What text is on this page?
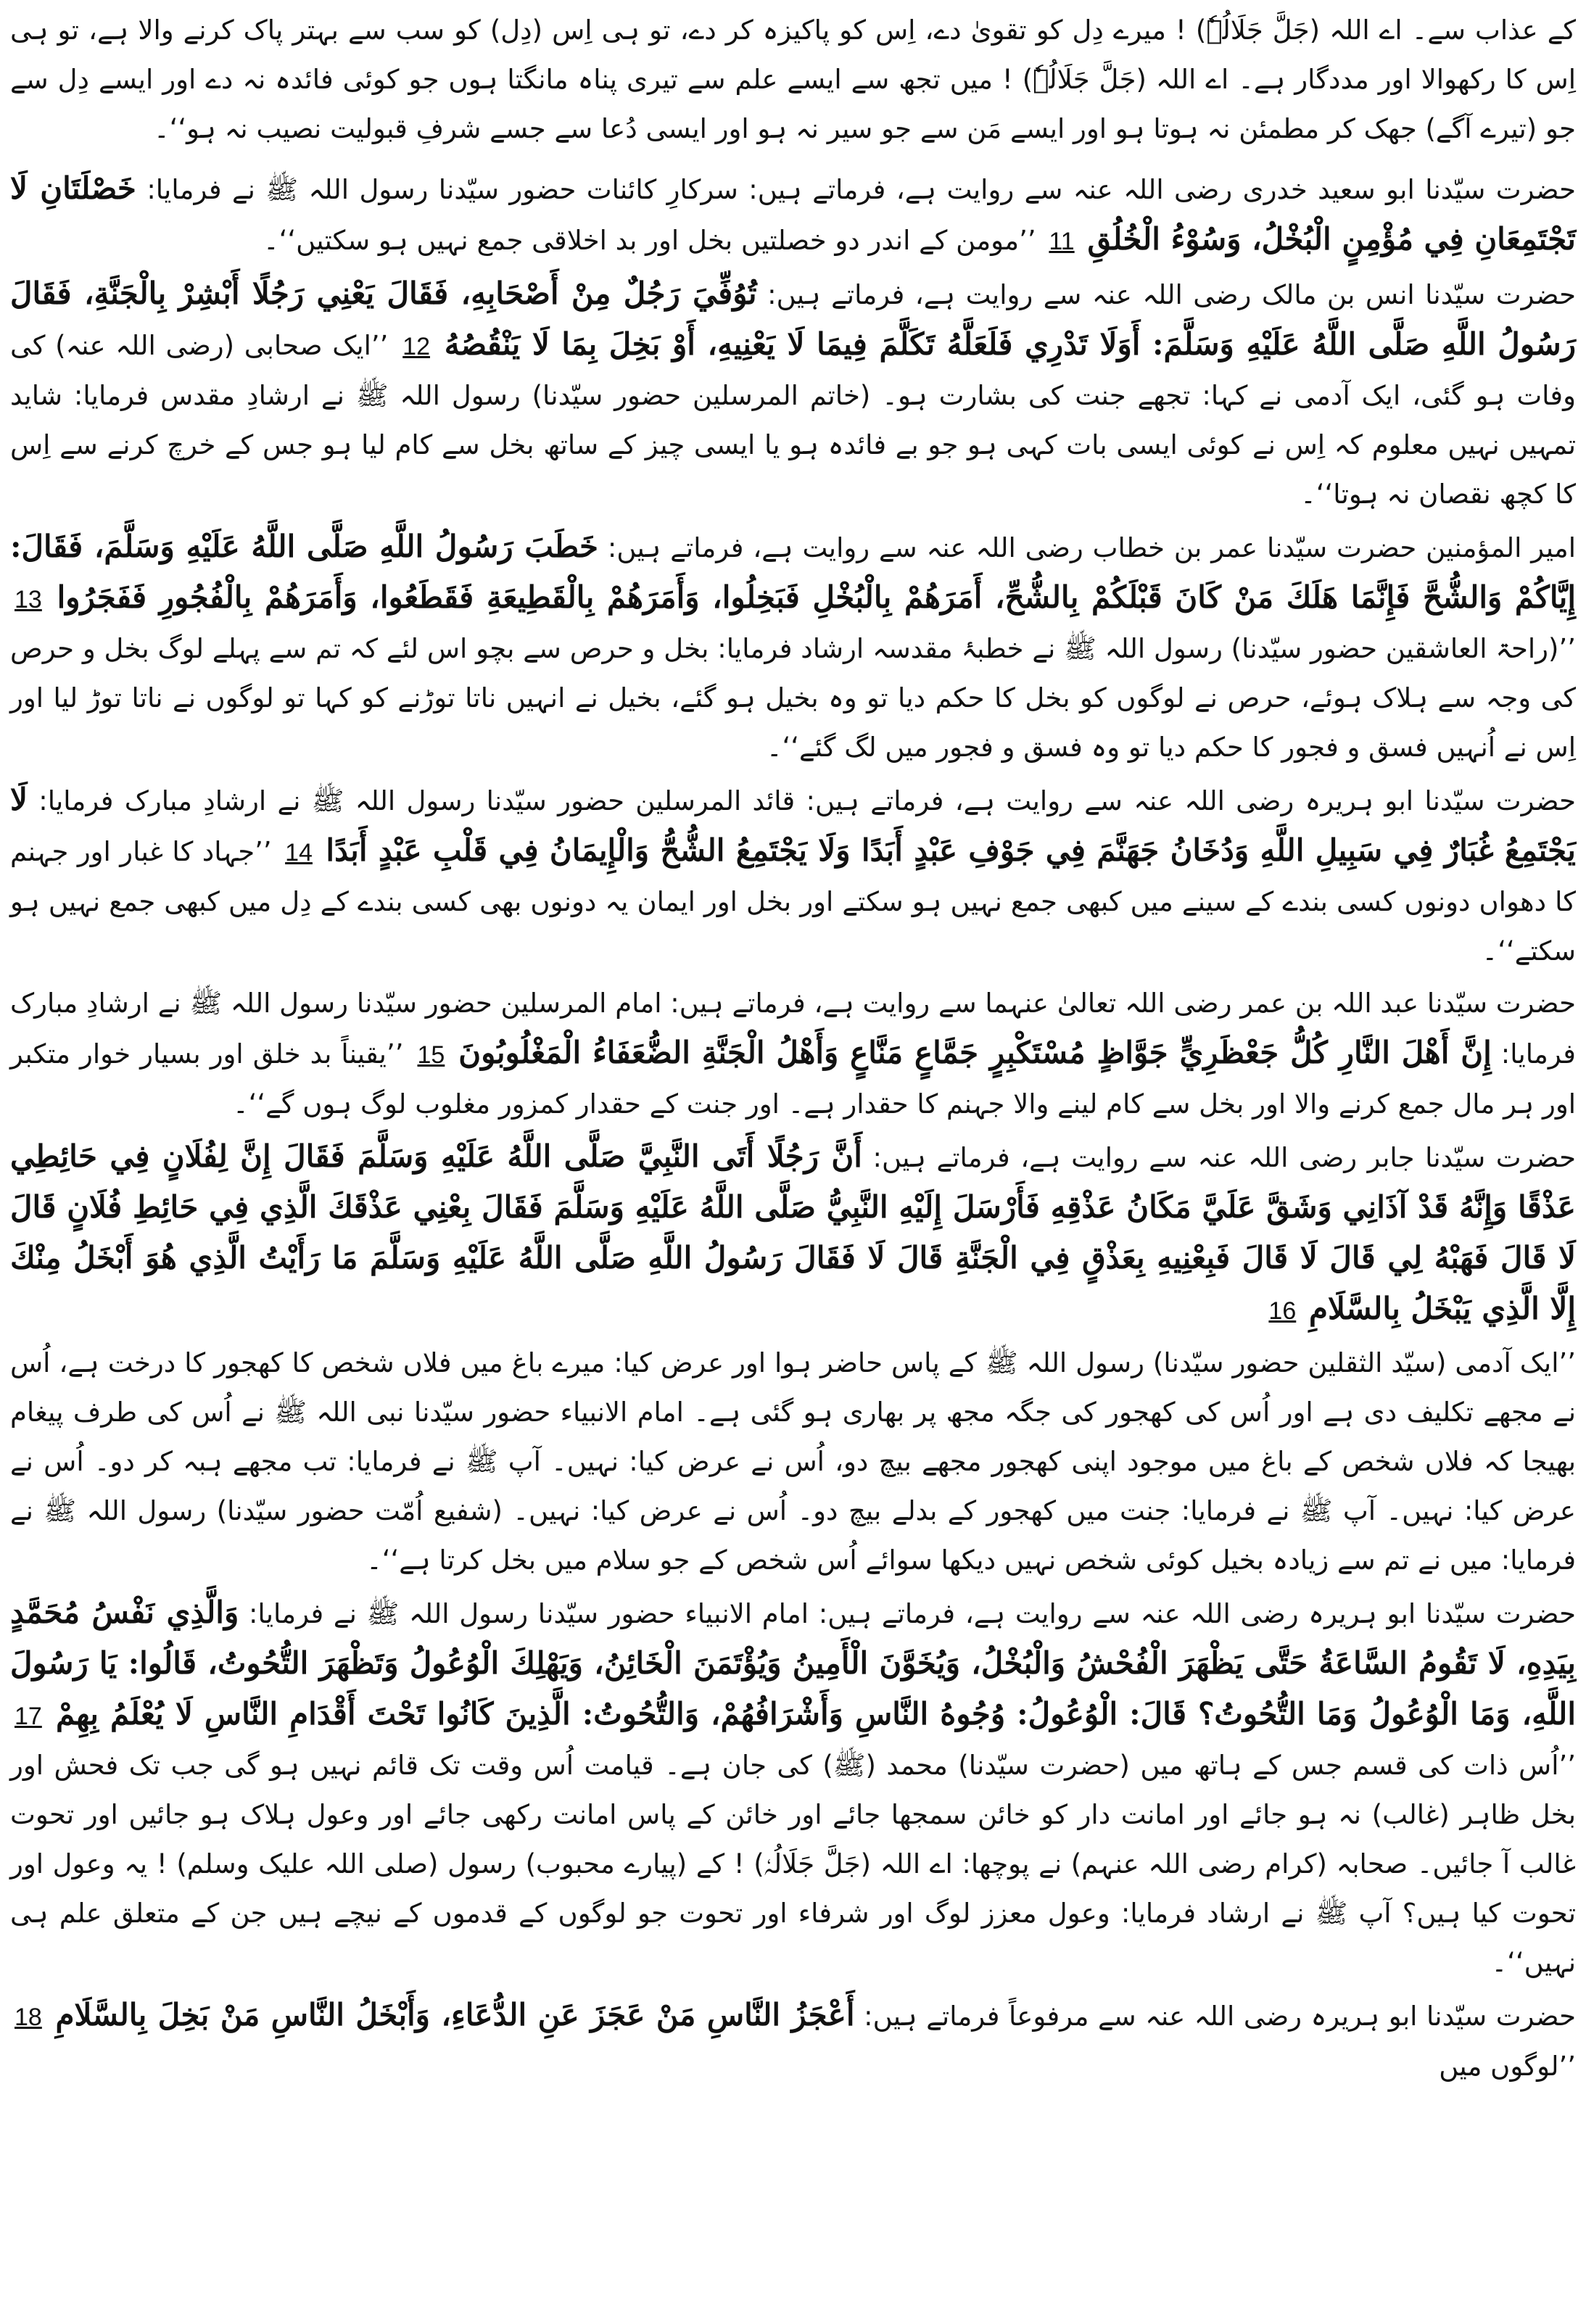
کے عذاب سے۔ اے اللہ (جَلَّ جَلَالُہٗ) ! میرے دِل کو تقویٰ دے، اِس کو پاکیزہ کر دے، تو ہی اِس (دِل) کو سب سے بہتر پاک کرنے والا ہے، تو ہی اِس کا رکھوالا اور مددگار ہے۔ اے اللہ (جَلَّ جَلَالُہٗ) ! میں تجھ سے ایسے علم سے تیری پناہ مانگتا ہوں جو کوئی فائدہ نہ دے اور ایسے دِل سے جو (تیرے آگے) جھک کر مطمئن نہ ہوتا ہو اور ایسے مَن سے جو سیر نہ ہو اور ایسی دُعا سے جسے شرفِ قبولیت نصیب نہ ہو‘‘۔

حضرت سیّدنا ابو سعید خدری رضی اللہ عنہ سے روایت ہے، فرماتے ہیں: سرکارِ کائنات حضور سیّدنا رسول اللہ ﷺ نے فرمایا: خَصْلَتَانِ لَا تَجْتَمِعَانِ فِي مُؤْمِنٍ الْبُخْلُ، وَسُوْءُ الْخُلُقِ 11 ’’مومن کے اندر دو خصلتیں بخل اور بد اخلاقی جمع نہیں ہو سکتیں‘‘۔

حضرت سیّدنا انس بن مالک رضی اللہ عنہ سے روایت ہے، فرماتے ہیں: تُوُفِّيَ رَجُلٌ مِنْ أَصْحَابِهِ، فَقَالَ يَعْنِي رَجُلًا أَبْشِرْ بِالْجَنَّةِ، فَقَالَ رَسُولُ اللَّهِ صَلَّى اللَّهُ عَلَيْهِ وَسَلَّمَ: أَوَلَا تَدْرِي فَلَعَلَّهُ تَكَلَّمَ فِيمَا لَا يَعْنِيهِ، أَوْ بَخِلَ بِمَا لَا يَنْقُصُهُ 12 ’’ایک صحابی (رضی اللہ عنہ) کی وفات ہو گئی، ایک آدمی نے کہا: تجھے جنت کی بشارت ہو۔ (خاتم المرسلین حضور سیّدنا) رسول اللہ ﷺ نے ارشادِ مقدس فرمایا: شاید تمہیں نہیں معلوم کہ اِس نے کوئی ایسی بات کہی ہو جو بے فائدہ ہو یا ایسی چیز کے ساتھ بخل سے کام لیا ہو جس کے خرچ کرنے سے اِس کا کچھ نقصان نہ ہوتا‘‘۔

امیر المؤمنین حضرت سیّدنا عمر بن خطاب رضی اللہ عنہ سے روایت ہے، فرماتے ہیں: خَطَبَ رَسُولُ اللَّهِ صَلَّى اللَّهُ عَلَيْهِ وَسَلَّمَ، فَقَالَ: إِيَّاكُمْ وَالشُّحَّ فَإِنَّمَا هَلَكَ مَنْ كَانَ قَبْلَكُمْ بِالشُّحِّ، أَمَرَهُمْ بِالْبُخْلِ فَبَخِلُوا، وَأَمَرَهُمْ بِالْقَطِيعَةِ فَقَطَعُوا، وَأَمَرَهُمْ بِالْفُجُورِ فَفَجَرُوا 13 ’’(راحۃ العاشقین حضور سیّدنا) رسول اللہ ﷺ نے خطبۂ مقدسہ ارشاد فرمایا: بخل و حرص سے بچو اس لئے کہ تم سے پہلے لوگ بخل و حرص کی وجہ سے ہلاک ہوئے، حرص نے لوگوں کو بخل کا حکم دیا تو وہ بخیل ہو گئے، بخیل نے انہیں ناتا توڑنے کو کہا تو لوگوں نے ناتا توڑ لیا اور اِس نے اُنہیں فسق و فجور کا حکم دیا تو وہ فسق و فجور میں لگ گئے‘‘۔

حضرت سیّدنا ابو ہریرہ رضی اللہ عنہ سے روایت ہے، فرماتے ہیں: قائد المرسلین حضور سیّدنا رسول اللہ ﷺ نے ارشادِ مبارک فرمایا: لَا يَجْتَمِعُ غُبَارٌ فِي سَبِيلِ اللَّهِ وَدُخَانُ جَهَنَّمَ فِي جَوْفِ عَبْدٍ أَبَدًا وَلَا يَجْتَمِعُ الشُّحُّ وَالْإِيمَانُ فِي قَلْبِ عَبْدٍ أَبَدًا 14 ’’جہاد کا غبار اور جہنم کا دھواں دونوں کسی بندے کے سینے میں کبھی جمع نہیں ہو سکتے اور بخل اور ایمان یہ دونوں بھی کسی بندے کے دِل میں کبھی جمع نہیں ہو سکتے‘‘۔

حضرت سیّدنا عبد اللہ بن عمر رضی اللہ تعالیٰ عنہما سے روایت ہے، فرماتے ہیں: امام المرسلین حضور سیّدنا رسول اللہ ﷺ نے ارشادِ مبارک فرمایا: إِنَّ أَهْلَ النَّارِ كُلُّ جَعْظَرِيٍّ جَوَّاظٍ مُسْتَكْبِرٍ جَمَّاعٍ مَنَّاعٍ وَأَهْلُ الْجَنَّةِ الضُّعَفَاءُ الْمَغْلُوبُونَ 15 ’’یقیناً بد خلق اور بسیار خوار متکبر اور ہر مال جمع کرنے والا اور بخل سے کام لینے والا جہنم کا حقدار ہے۔ اور جنت کے حقدار کمزور مغلوب لوگ ہوں گے‘‘۔

حضرت سیّدنا جابر رضی اللہ عنہ سے روایت ہے، فرماتے ہیں: أَنَّ رَجُلًا أَتَى النَّبِيَّ صَلَّى اللَّهُ عَلَيْهِ وَسَلَّمَ فَقَالَ إِنَّ لِفُلَانٍ فِي حَائِطِي عَذْقًا وَإِنَّهُ قَدْ آذَانِي وَشَقَّ عَلَيَّ مَكَانُ عَذْقِهِ فَأَرْسَلَ إِلَيْهِ النَّبِيُّ صَلَّى اللَّهُ عَلَيْهِ وَسَلَّمَ فَقَالَ بِعْنِي عَذْقَكَ الَّذِي فِي حَائِطِ فُلَانٍ قَالَ لَا قَالَ فَهَبْهُ لِي قَالَ لَا قَالَ فَبِعْنِيهِ بِعَذْقٍ فِي الْجَنَّةِ قَالَ لَا فَقَالَ رَسُولُ اللَّهِ صَلَّى اللَّهُ عَلَيْهِ وَسَلَّمَ مَا رَأَيْتُ الَّذِي هُوَ أَبْخَلُ مِنْكَ إِلَّا الَّذِي يَبْخَلُ بِالسَّلَامِ 16

’’ایک آدمی (سیّد الثقلین حضور سیّدنا) رسول اللہ ﷺ کے پاس حاضر ہوا اور عرض کیا: میرے باغ میں فلاں شخص کا کھجور کا درخت ہے، اُس نے مجھے تکلیف دی ہے اور اُس کی کھجور کی جگہ مجھ پر بھاری ہو گئی ہے۔ امام الانبیاء حضور سیّدنا نبی اللہ ﷺ نے اُس کی طرف پیغام بھیجا کہ فلاں شخص کے باغ میں موجود اپنی کھجور مجھے بیچ دو، اُس نے عرض کیا: نہیں۔ آپ ﷺ نے فرمایا: تب مجھے ہبہ کر دو۔ اُس نے عرض کیا: نہیں۔ آپ ﷺ نے فرمایا: جنت میں کھجور کے بدلے بیچ دو۔ اُس نے عرض کیا: نہیں۔ (شفیع اُمّت حضور سیّدنا) رسول اللہ ﷺ نے فرمایا: میں نے تم سے زیادہ بخیل کوئی شخص نہیں دیکھا سوائے اُس شخص کے جو سلام میں بخل کرتا ہے‘‘۔

حضرت سیّدنا ابو ہریرہ رضی اللہ عنہ سے روایت ہے، فرماتے ہیں: امام الانبیاء حضور سیّدنا رسول اللہ ﷺ نے فرمایا: وَالَّذِي نَفْسُ مُحَمَّدٍ بِيَدِهِ، لَا تَقُومُ السَّاعَةُ حَتَّى يَظْهَرَ الْفُحْشُ وَالْبُخْلُ، وَيُخَوَّنَ الْأَمِينُ وَيُؤْتَمَنَ الْخَائِنُ، وَيَهْلِكَ الْوُعُولُ وَتَظْهَرَ التُّحُوتُ، قَالُوا: يَا رَسُولَ اللَّهِ، وَمَا الْوُعُولُ وَمَا التُّحُوتُ؟ قَالَ: الْوُعُولُ: وُجُوهُ النَّاسِ وَأَشْرَافُهُمْ، وَالتُّحُوتُ: الَّذِينَ كَانُوا تَحْتَ أَقْدَامِ النَّاسِ لَا يُعْلَمُ بِهِمْ 17 ’’اُس ذات کی قسم جس کے ہاتھ میں (حضرت سیّدنا) محمد (ﷺ) کی جان ہے۔ قیامت اُس وقت تک قائم نہیں ہو گی جب تک فحش اور بخل ظاہر (غالب) نہ ہو جائے اور امانت دار کو خائن سمجھا جائے اور خائن کے پاس امانت رکھی جائے اور وعول ہلاک ہو جائیں اور تحوت غالب آ جائیں۔ صحابہ (کرام رضی اللہ عنہم) نے پوچھا: اے اللہ (جَلَّ جَلَالُہٗ) ! کے (پیارے محبوب) رسول (صلی اللہ علیک وسلم) ! یہ وعول اور تحوت کیا ہیں؟ آپ ﷺ نے ارشاد فرمایا: وعول معزز لوگ اور شرفاء اور تحوت جو لوگوں کے قدموں کے نیچے ہیں جن کے متعلق علم ہی نہیں‘‘۔

حضرت سیّدنا ابو ہریرہ رضی اللہ عنہ سے مرفوعاً فرماتے ہیں: أَعْجَزُ النَّاسِ مَنْ عَجَزَ عَنِ الدُّعَاءِ، وَأَبْخَلُ النَّاسِ مَنْ بَخِلَ بِالسَّلَامِ 18 ’’لوگوں میں
